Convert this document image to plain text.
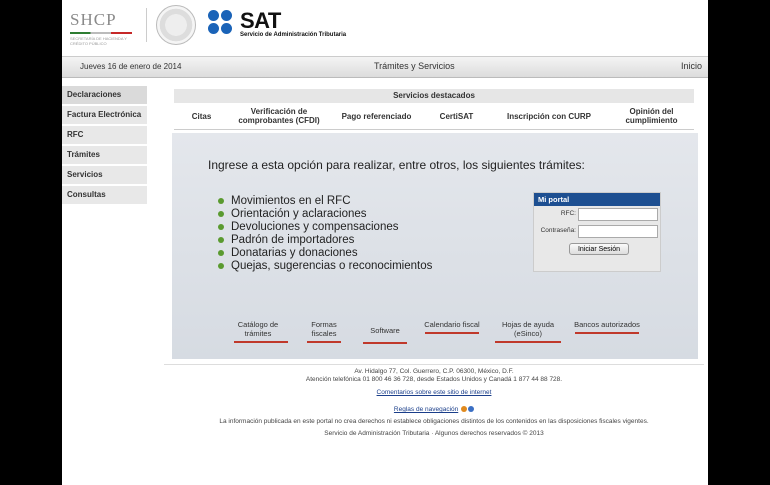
SHCP
SECRETARÍA DE HACIENDA Y CRÉDITO PÚBLICO
SAT
Servicio de Administración Tributaria
Jueves 16 de enero de 2014	Trámites y Servicios	Inicio
Declaraciones
Factura Electrónica
RFC
Trámites
Servicios
Consultas
Servicios destacados
Citas	Verificación de comprobantes (CFDI)	Pago referenciado	CertiSAT	Inscripción con CURP	Opinión del cumplimiento
Ingrese a esta opción para realizar, entre otros, los siguientes trámites:
Movimientos en el RFC
Orientación y aclaraciones
Devoluciones y compensaciones
Padrón de importadores
Donatarias y donaciones
Quejas, sugerencias o reconocimientos
Mi portal
RFC:
Contraseña:
Iniciar Sesión
Catálogo de trámites
Formas fiscales	Software
Calendario fiscal	Hojas de ayuda (eSinco)
Bancos autorizados
Av. Hidalgo 77, Col. Guerrero, C.P. 06300, México, D.F.
Atención telefónica 01 800 46 36 728, desde Estados Unidos y Canadá 1 877 44 88 728.
Comentarios sobre este sitio de internet
Reglas de navegación
La información publicada en este portal no crea derechos ni establece obligaciones distintos de los contenidos en las disposiciones fiscales vigentes.
Servicio de Administración Tributaria · Algunos derechos reservados © 2013
